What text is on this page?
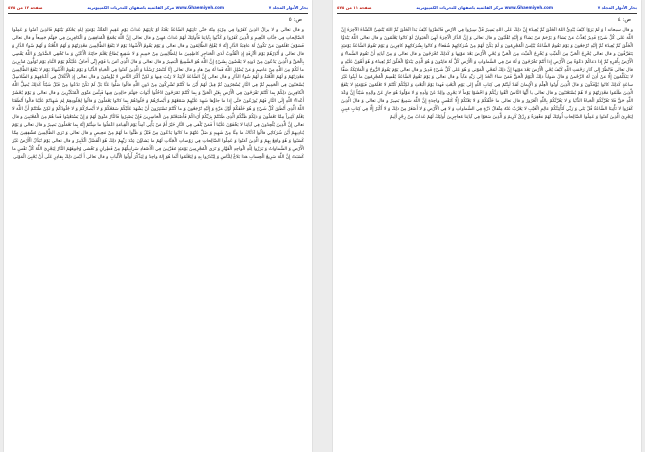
بحار الأنوار المجلد ٧
www.Ghaemiyeh.com مركز القائمية باصفهان للتحريات الكمپيوترية
صفحة ١٢ من ٥٧٥
ص: ٥

و قال تعالى و لا يزالُ الَّذِينَ كَفَرُوا فِي مِرْيَةٍ مِنْهُ حَتَّى تَأْتِيَهُمُ السَّاعَةُ بَغْتَةً أَوْ يَأْتِيَهُمْ عَذابُ يَوْمٍ عَقِيمٍ الْمُلْكُ يَوْمَئِذٍ لِلَّهِ يَحْكُمُ بَيْنَهُمْ فَالَّذِينَ آمَنُوا وَ عَمِلُوا الصَّالِحاتِ فِي جَنَّاتِ النَّعِيمِ وَ الَّذِينَ كَفَرُوا وَ كَذَّبُوا بِآياتِنا فَأُولئِكَ لَهُمْ عَذابٌ مُهِينٌ و قال تعالى إِنَّ اللَّهَ يَجْمَعُ الْمُنافِقِينَ وَ الْكافِرِينَ فِي جَهَنَّمَ جَمِيعاً و قال تعالى فَسَوْفَ تَعْلَمُونَ مَنْ تَكُونُ لَهُ عاقِبَةُ الدَّارِ إِنَّهُ لا يُفْلِحُ الظَّالِمُونَ و قال تعالى وَ يَوْمَ يَقُومُ الْأَشْهادُ يَوْمَ لا يَنْفَعُ الظَّالِمِينَ مَعْذِرَتُهُمْ وَ لَهُمُ اللَّعْنَةُ وَ لَهُمْ سُوءُ الدَّارِ وَ قال تعالى وَ أَنْذِرْهُمْ يَوْمَ الْآزِفَةِ إِذِ الْقُلُوبُ لَدَى الْحَناجِرِ كاظِمِينَ ما لِلظَّالِمِينَ مِنْ حَمِيمٍ وَ لا شَفِيعٍ يُطاعُ يَعْلَمُ خائِنَةَ الْأَعْيُنِ وَ ما تُخْفِي الصُّدُورُ وَ اللَّهُ يَقْضِي بِالْحَقِّ وَ الَّذِينَ يَدْعُونَ مِنْ دُونِهِ لا يَقْضُونَ بِشَيْءٍ إِنَّ اللَّهَ هُوَ السَّمِيعُ الْبَصِيرُ و قال تعالى وَ قالَ الَّذِي آمَنَ يا قَوْمِ إِنِّي أَخافُ عَلَيْكُمْ يَوْمَ التَّنادِ يَوْمَ تُوَلُّونَ مُدْبِرِينَ ما لَكُمْ مِنَ اللَّهِ مِنْ عاصِمٍ وَ مَنْ يُضْلِلِ اللَّهُ فَما لَهُ مِنْ هادٍ و قال تعالى إِنَّا لَنَنْصُرُ رُسُلَنا وَ الَّذِينَ آمَنُوا فِي الْحَياةِ الدُّنْيا وَ يَوْمَ يَقُومُ الْأَشْهادُ يَوْمَ لا يَنْفَعُ الظَّالِمِينَ مَعْذِرَتُهُمْ وَ لَهُمُ اللَّعْنَةُ وَ لَهُمْ سُوءُ الدَّارِ و قال تعالى إِنَّ السَّاعَةَ لَآتِيَةٌ لا رَيْبَ فِيها وَ لكِنَّ أَكْثَرَ النَّاسِ لا يُؤْمِنُونَ و قال تعالى إِذِ الْأَغْلالُ فِي أَعْناقِهِمْ وَ السَّلاسِلُ يُسْحَبُونَ فِي الْحَمِيمِ ثُمَّ فِي النَّارِ يُسْجَرُونَ ثُمَّ قِيلَ لَهُمْ أَيْنَ ما كُنْتُمْ تُشْرِكُونَ مِنْ دُونِ اللَّهِ قالُوا ضَلُّوا عَنَّا بَلْ لَمْ نَكُنْ نَدْعُوا مِنْ قَبْلُ شَيْئاً كَذلِكَ يُضِلُّ اللَّهُ الْكافِرِينَ ذلِكُمْ بِما كُنْتُمْ تَفْرَحُونَ فِي الْأَرْضِ بِغَيْرِ الْحَقِّ وَ بِما كُنْتُمْ تَمْرَحُونَ ادْخُلُوا أَبْوابَ جَهَنَّمَ خالِدِينَ فِيها فَبِئْسَ مَثْوَى الْمُتَكَبِّرِينَ و قال تعالى وَ يَوْمَ يُحْشَرُ أَعْداءُ اللَّهِ إِلَى النَّارِ فَهُمْ يُوزَعُونَ حَتَّى إِذا ما جاؤُها شَهِدَ عَلَيْهِمْ سَمْعُهُمْ وَ أَبْصارُهُمْ وَ جُلُودُهُمْ بِما كانُوا يَعْمَلُونَ وَ قالُوا لِجُلُودِهِمْ لِمَ شَهِدْتُمْ عَلَيْنا قالُوا أَنْطَقَنَا اللَّهُ الَّذِي أَنْطَقَ كُلَّ شَيْءٍ وَ هُوَ خَلَقَكُمْ أَوَّلَ مَرَّةٍ وَ إِلَيْهِ تُرْجَعُونَ وَ ما كُنْتُمْ تَسْتَتِرُونَ أَنْ يَشْهَدَ عَلَيْكُمْ سَمْعُكُمْ وَ لا أَبْصارُكُمْ وَ لا جُلُودُكُمْ وَ لكِنْ ظَنَنْتُمْ أَنَّ اللَّهَ لا يَعْلَمُ كَثِيراً مِمَّا تَعْمَلُونَ وَ ذلِكُمْ ظَنُّكُمُ الَّذِي ظَنَنْتُمْ بِرَبِّكُمْ أَرْداكُمْ فَأَصْبَحْتُمْ مِنَ الْخاسِرِينَ فَإِنْ يَصْبِرُوا فَالنَّارُ مَثْوىً لَهُمْ وَ إِنْ يَسْتَعْتِبُوا فَما هُمْ مِنَ الْمُعْتَبِينَ و قال تعالى إِنَّ الَّذِينَ يُلْحِدُونَ فِي آياتِنا لا يَخْفَوْنَ عَلَيْنا أَ فَمَنْ يُلْقى فِي النَّارِ خَيْرٌ أَمْ مَنْ يَأْتِي آمِناً يَوْمَ الْقِيامَةِ اعْمَلُوا ما شِئْتُمْ إِنَّهُ بِما تَعْمَلُونَ بَصِيرٌ و قال تعالى وَ يَوْمَ يُنادِيهِمْ أَيْنَ شُرَكائِي قالُوا آذَنَّاكَ ما مِنَّا مِنْ شَهِيدٍ وَ ضَلَّ عَنْهُمْ ما كانُوا يَدْعُونَ مِنْ قَبْلُ وَ ظَنُّوا ما لَهُمْ مِنْ مَحِيصٍ و قال تعالى وَ تَرَى الظَّالِمِينَ مُشْفِقِينَ مِمَّا كَسَبُوا وَ هُوَ واقِعٌ بِهِمْ وَ الَّذِينَ آمَنُوا وَ عَمِلُوا الصَّالِحاتِ فِي رَوْضاتِ الْجَنَّاتِ لَهُمْ ما يَشاؤُنَ عِنْدَ رَبِّهِمْ ذلِكَ هُوَ الْفَضْلُ الْكَبِيرُ و قال تعالى يَوْمَ تُبَدَّلُ الْأَرْضُ غَيْرَ الْأَرْضِ وَ السَّماواتُ وَ بَرَزُوا لِلَّهِ الْواحِدِ الْقَهَّارِ وَ تَرَى الْمُجْرِمِينَ يَوْمَئِذٍ مُقَرَّنِينَ فِي الْأَصْفادِ سَرابِيلُهُمْ مِنْ قَطِرانٍ وَ تَغْشى وُجُوهَهُمُ النَّارُ لِيَجْزِيَ اللَّهُ كُلَّ نَفْسٍ ما كَسَبَتْ إِنَّ اللَّهَ سَرِيعُ الْحِسابِ هذا بَلاغٌ لِلنَّاسِ وَ لِيُنْذَرُوا بِهِ وَ لِيَعْلَمُوا أَنَّما هُوَ إِلهٌ واحِدٌ وَ لِيَذَّكَّرَ أُولُوا الْأَلْبابِ و قال تعالى أَ لَيْسَ ذلِكَ بِقادِرٍ عَلَى أَنْ يُحْيِيَ الْمَوْتى

بحار الأنوار المجلد ٧
www.Ghaemiyeh.com مركز القائمية باصفهان للتحريات الكمپيوترية
صفحة ١١ من ٥٧٥
ص: ٤

و قال سبحانه أَ وَ لَمْ يَرَوْا كَيْفَ يُبْدِئُ اللَّهُ الْخَلْقَ ثُمَّ يُعِيدُهُ إِنَّ ذلِكَ عَلَى اللَّهِ يَسِيرٌ قُلْ سِيرُوا فِي الْأَرْضِ فَانْظُرُوا كَيْفَ بَدَأَ الْخَلْقَ ثُمَّ اللَّهُ يُنْشِئُ النَّشْأَةَ الْآخِرَةَ إِنَّ اللَّهَ عَلى كُلِّ شَيْءٍ قَدِيرٌ يُعَذِّبُ مَنْ يَشاءُ وَ يَرْحَمُ مَنْ يَشاءُ وَ إِلَيْهِ تُقْلَبُونَ و قال تعالى وَ إِنَّ الدَّارَ الْآخِرَةَ لَهِيَ الْحَيَوانُ لَوْ كانُوا يَعْلَمُونَ و قال تعالى اللَّهُ يَبْدَؤُا الْخَلْقَ ثُمَّ يُعِيدُهُ ثُمَّ إِلَيْهِ تُرْجَعُونَ وَ يَوْمَ تَقُومُ السَّاعَةُ يُبْلِسُ الْمُجْرِمُونَ وَ لَمْ يَكُنْ لَهُمْ مِنْ شُرَكائِهِمْ شُفَعاءُ وَ كانُوا بِشُرَكائِهِمْ كافِرِينَ وَ يَوْمَ تَقُومُ السَّاعَةُ يَوْمَئِذٍ يَتَفَرَّقُونَ و قال تعالى يُخْرِجُ الْحَيَّ مِنَ الْمَيِّتِ وَ يُخْرِجُ الْمَيِّتَ مِنَ الْحَيِّ وَ يُحْيِ الْأَرْضَ بَعْدَ مَوْتِها وَ كَذلِكَ تُخْرَجُونَ و قال تعالى وَ مِنْ آياتِهِ أَنْ تَقُومَ السَّماءُ وَ الْأَرْضُ بِأَمْرِهِ ثُمَّ إِذا دَعاكُمْ دَعْوَةً مِنَ الْأَرْضِ إِذا أَنْتُمْ تَخْرُجُونَ وَ لَهُ مَنْ فِي السَّماواتِ وَ الْأَرْضِ كُلٌّ لَهُ قانِتُونَ وَ هُوَ الَّذِي يَبْدَؤُا الْخَلْقَ ثُمَّ يُعِيدُهُ وَ هُوَ أَهْوَنُ عَلَيْهِ و قال تعالى فَانْظُرْ إِلى آثارِ رَحْمَتِ اللَّهِ كَيْفَ يُحْيِ الْأَرْضَ بَعْدَ مَوْتِها إِنَّ ذلِكَ لَمُحْيِ الْمَوْتى وَ هُوَ عَلى كُلِّ شَيْءٍ قَدِيرٌ و قال تعالى يَوْمَ يَقُومُ الرُّوحُ وَ الْمَلائِكَةُ صَفًّا لا يَتَكَلَّمُونَ إِلَّا مَنْ أَذِنَ لَهُ الرَّحْمنُ وَ قالَ صَواباً ذلِكَ الْيَوْمُ الْحَقُّ فَمَنْ شاءَ اتَّخَذَ إِلى رَبِّهِ مَآباً و قال تعالى وَ يَوْمَ تَقُومُ السَّاعَةُ يُقْسِمُ الْمُجْرِمُونَ ما لَبِثُوا غَيْرَ ساعَةٍ كَذلِكَ كانُوا يُؤْفَكُونَ وَ قالَ الَّذِينَ أُوتُوا الْعِلْمَ وَ الْإِيمانَ لَقَدْ لَبِثْتُمْ فِي كِتابِ اللَّهِ إِلى يَوْمِ الْبَعْثِ فَهذا يَوْمُ الْبَعْثِ وَ لكِنَّكُمْ كُنْتُمْ لا تَعْلَمُونَ فَيَوْمَئِذٍ لا يَنْفَعُ الَّذِينَ ظَلَمُوا مَعْذِرَتُهُمْ وَ لا هُمْ يُسْتَعْتَبُونَ و قال تعالى يا أَيُّهَا النَّاسُ اتَّقُوا رَبَّكُمْ وَ اخْشَوْا يَوْماً لا يَجْزِي والِدٌ عَنْ وَلَدِهِ وَ لا مَوْلُودٌ هُوَ جازٍ عَنْ والِدِهِ شَيْئاً إِنَّ وَعْدَ اللَّهِ حَقٌّ فَلا تَغُرَّنَّكُمُ الْحَياةُ الدُّنْيا وَ لا يَغُرَّنَّكُمْ بِاللَّهِ الْغَرُورُ و قال تعالى ما خَلْقُكُمْ وَ لا بَعْثُكُمْ إِلَّا كَنَفْسٍ واحِدَةٍ إِنَّ اللَّهَ سَمِيعٌ بَصِيرٌ و قال تعالى وَ قالَ الَّذِينَ كَفَرُوا لا تَأْتِينَا السَّاعَةُ قُلْ بَلى وَ رَبِّي لَتَأْتِيَنَّكُمْ عالِمِ الْغَيْبِ لا يَعْزُبُ عَنْهُ مِثْقالُ ذَرَّةٍ فِي السَّماواتِ وَ لا فِي الْأَرْضِ وَ لا أَصْغَرُ مِنْ ذلِكَ وَ لا أَكْبَرُ إِلَّا فِي كِتابٍ مُبِينٍ لِيَجْزِيَ الَّذِينَ آمَنُوا وَ عَمِلُوا الصَّالِحاتِ أُولئِكَ لَهُمْ مَغْفِرَةٌ وَ رِزْقٌ كَرِيمٌ وَ الَّذِينَ سَعَوْا فِي آياتِنا مُعاجِزِينَ أُولئِكَ لَهُمْ عَذابٌ مِنْ رِجْزٍ أَلِيمٌ
